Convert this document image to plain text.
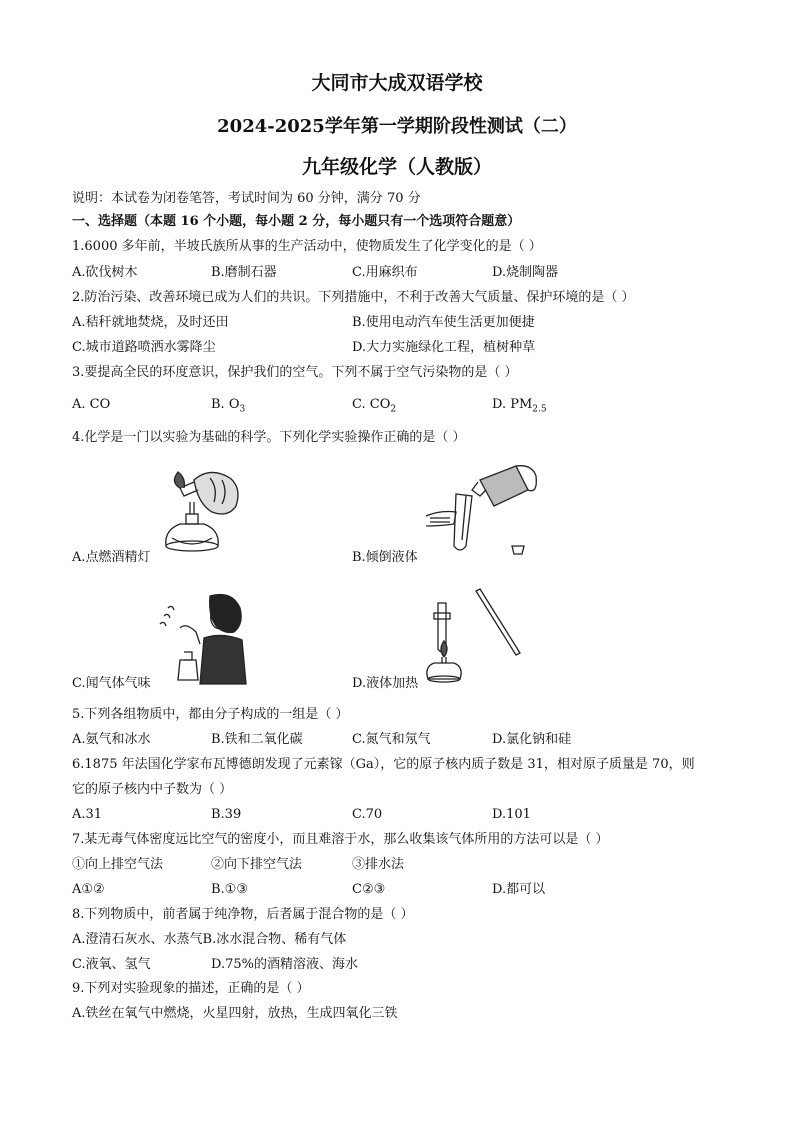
大同市大成双语学校
2024-2025学年第一学期阶段性测试（二）
九年级化学（人教版）
说明：本试卷为闭卷笔答，考试时间为 60 分钟，满分 70 分
一、选择题（本题 16 个小题，每小题 2 分，每小题只有一个选项符合题意）
1.6000 多年前，半坡氏族所从事的生产活动中，使物质发生了化学变化的是（ ）
A.砍伐树木	B.磨制石器	C.用麻织布	D.烧制陶器
2.防治污染、改善环境已成为人们的共识。下列措施中，不利于改善大气质量、保护环境的是（ ）
A.秸秆就地焚烧，及时还田	B.使用电动汽车使生活更加便捷
C.城市道路喷洒水雾降尘	D.大力实施绿化工程，植树种草
3.要提高全民的环度意识，保护我们的空气。下列不属于空气污染物的是（ ）
A. CO	B. $O_3$	C. $CO_2$	D. $PM_{2.5}$
4.化学是一门以实验为基础的科学。下列化学实验操作正确的是（ ）
A.点燃酒精灯	B.倾倒液体
C.闻气体气味	D.液体加热
5.下列各组物质中，都由分子构成的一组是（ ）
A.氨气和冰水	B.铁和二氧化碳	C.氮气和氖气	D.氯化钠和硅
6.1875 年法国化学家布瓦博德朗发现了元素镓（Ga），它的原子核内质子数是 31，相对原子质量是 70，则
它的原子核内中子数为（ ）
A.31	B.39	C.70	D.101
7.某无毒气体密度远比空气的密度小，而且难溶于水，那么收集该气体所用的方法可以是（ ）
①向上排空气法	②向下排空气法	③排水法
A①②	B.①③	C②③	D.都可以
8.下列物质中，前者属于纯净物，后者属于混合物的是（ ）
A.澄清石灰水、水蒸气B.冰水混合物、稀有气体
C.液氧、氢气	D.75%的酒精溶液、海水
9.下列对实验现象的描述，正确的是（ ）
A.铁丝在氧气中燃烧，火星四射，放热，生成四氧化三铁
